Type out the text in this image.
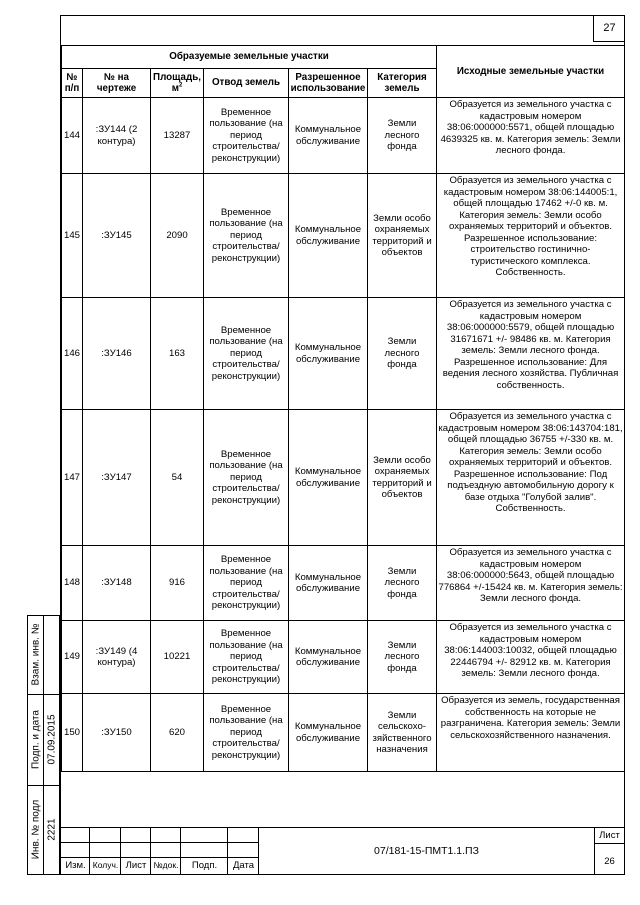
27
Образуемые земельные участки						Исходные земельные участки
№ п/п	№ на чертеже	Площадь, $м^2$	Отвод земель	Разрешенное использование	Категория земель	
144	:ЗУ144 (2 контура)	13287	Временное пользование (на период строительства/ реконструкции)	Коммунальное обслуживание	Земли лесного фонда	Образуется из земельного участка с кадастровым номером 38:06:000000:5571, общей площадью 4639325 кв. м. Категория земель: Земли лесного фонда.
145	:ЗУ145	2090	Временное пользование (на период строительства/ реконструкции)	Коммунальное обслуживание	Земли особо охраняемых территорий и объектов	Образуется из земельного участка с кадастровым номером 38:06:144005:1, общей площадью 17462 +/-0 кв. м. Категория земель: Земли особо охраняемых территорий и объектов. Разрешенное использование: строительство гостинично-туристического комплекса. Собственность.
146	:ЗУ146	163	Временное пользование (на период строительства/ реконструкции)	Коммунальное обслуживание	Земли лесного фонда	Образуется из земельного участка с кадастровым номером 38:06:000000:5579, общей площадью 31671671 +/- 98486 кв. м. Категория земель: Земли лесного фонда. Разрешенное использование: Для ведения лесного хозяйства. Публичная собственность.
147	:ЗУ147	54	Временное пользование (на период строительства/ реконструкции)	Коммунальное обслуживание	Земли особо охраняемых территорий и объектов	Образуется из земельного участка с кадастровым номером 38:06:143704:181, общей площадью 36755 +/-330 кв. м. Категория земель: Земли особо охраняемых территорий и объектов. Разрешенное использование: Под подъездную автомобильную дорогу к базе отдыха "Голубой залив". Собственность.
148	:ЗУ148	916	Временное пользование (на период строительства/ реконструкции)	Коммунальное обслуживание	Земли лесного фонда	Образуется из земельного участка с кадастровым номером 38:06:000000:5643, общей площадью 776864 +/-15424 кв. м. Категория земель: Земли лесного фонда.
149	:ЗУ149 (4 контура)	10221	Временное пользование (на период строительства/ реконструкции)	Коммунальное обслуживание	Земли лесного фонда	Образуется из земельного участка с кадастровым номером 38:06:144003:10032, общей площадью 22446794 +/- 82912 кв. м. Категория земель: Земли лесного фонда.
150	:ЗУ150	620	Временное пользование (на период строительства/ реконструкции)	Коммунальное обслуживание	Земли сельскохо-зяйственного назначения	Образуется из земель, государственная собственность на которые не разграничена. Категория земель: Земли сельскохозяйственного назначения.
Взам. инв. №
Подп. и дата 07.09.2015
Инв. № подл 2221
Изм. Колуч. Лист №док.	Подп.	Дата
07/181-15-ПМТ1.1.ПЗ
Лист
26
